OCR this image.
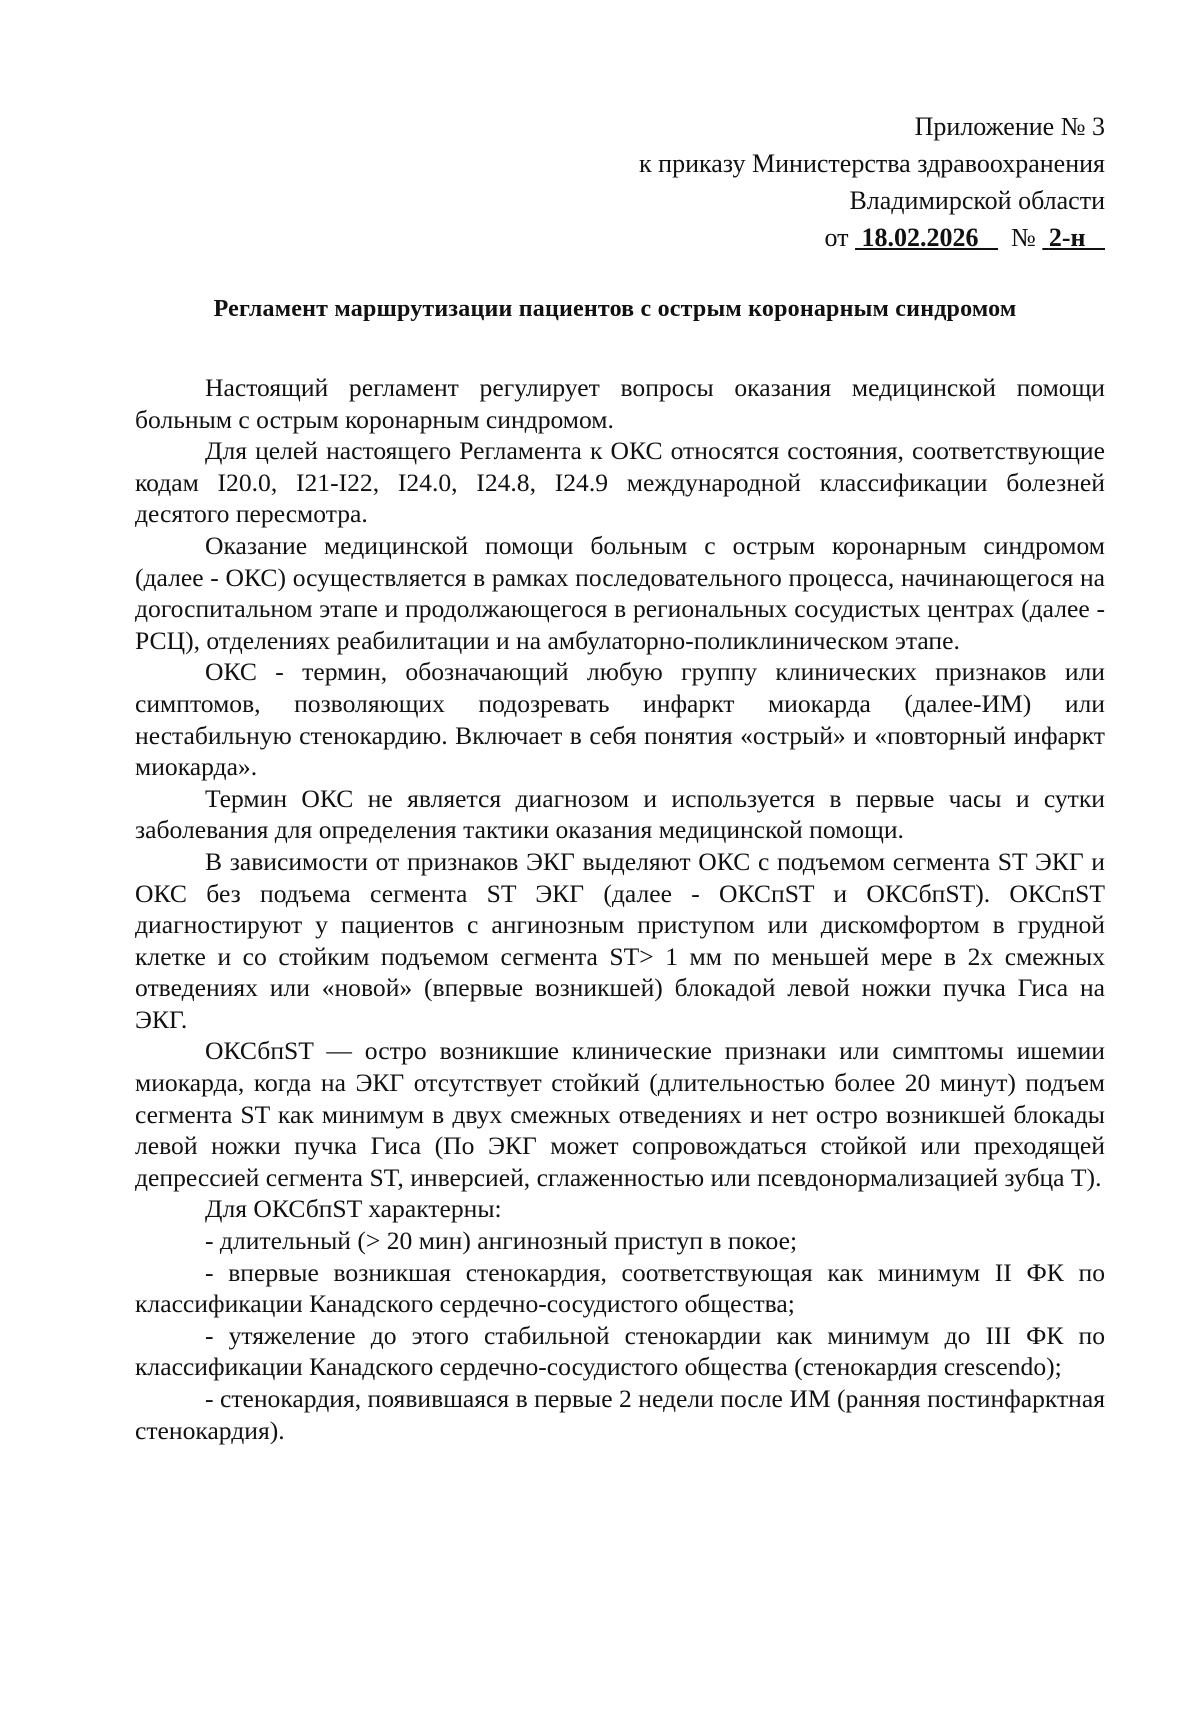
Приложение № 3
к приказу Министерства здравоохранения
Владимирской области
от 18.02.2026 № 2-н
Регламент маршрутизации пациентов с острым коронарным синдромом

Настоящий регламент регулирует вопросы оказания медицинской помощи больным с острым коронарным синдромом.

Для целей настоящего Регламента к ОКС относятся состояния, соответствующие кодам I20.0, I21-I22, I24.0, I24.8, I24.9 международной классификации болезней десятого пересмотра.

Оказание медицинской помощи больным с острым коронарным синдромом (далее - ОКС) осуществляется в рамках последовательного процесса, начинающегося на догоспитальном этапе и продолжающегося в региональных сосудистых центрах (далее - РСЦ), отделениях реабилитации и на амбулаторно-поликлиническом этапе.

ОКС - термин, обозначающий любую группу клинических признаков или симптомов, позволяющих подозревать инфаркт миокарда (далее-ИМ) или нестабильную стенокардию. Включает в себя понятия «острый» и «повторный инфаркт миокарда».

Термин ОКС не является диагнозом и используется в первые часы и сутки заболевания для определения тактики оказания медицинской помощи.

В зависимости от признаков ЭКГ выделяют ОКС с подъемом сегмента ST ЭКГ и ОКС без подъема сегмента ST ЭКГ (далее - ОКСпST и ОКСбпST). ОКСпST диагностируют у пациентов с ангинозным приступом или дискомфортом в грудной клетке и со стойким подъемом сегмента ST> 1 мм по меньшей мере в 2х смежных отведениях или «новой» (впервые возникшей) блокадой левой ножки пучка Гиса на ЭКГ.

ОКСбпST — остро возникшие клинические признаки или симптомы ишемии миокарда, когда на ЭКГ отсутствует стойкий (длительностью более 20 минут) подъем сегмента ST как минимум в двух смежных отведениях и нет остро возникшей блокады левой ножки пучка Гиса (По ЭКГ может сопровождаться стойкой или преходящей депрессией сегмента ST, инверсией, сглаженностью или псевдонормализацией зубца Т).

Для ОКСбпST характерны:

- длительный (> 20 мин) ангинозный приступ в покое;

- впервые возникшая стенокардия, соответствующая как минимум II ФК по классификации Канадского сердечно-сосудистого общества;

- утяжеление до этого стабильной стенокардии как минимум до III ФК по классификации Канадского сердечно-сосудистого общества (стенокардия crescendo);

- стенокардия, появившаяся в первые 2 недели после ИМ (ранняя постинфарктная стенокардия).
